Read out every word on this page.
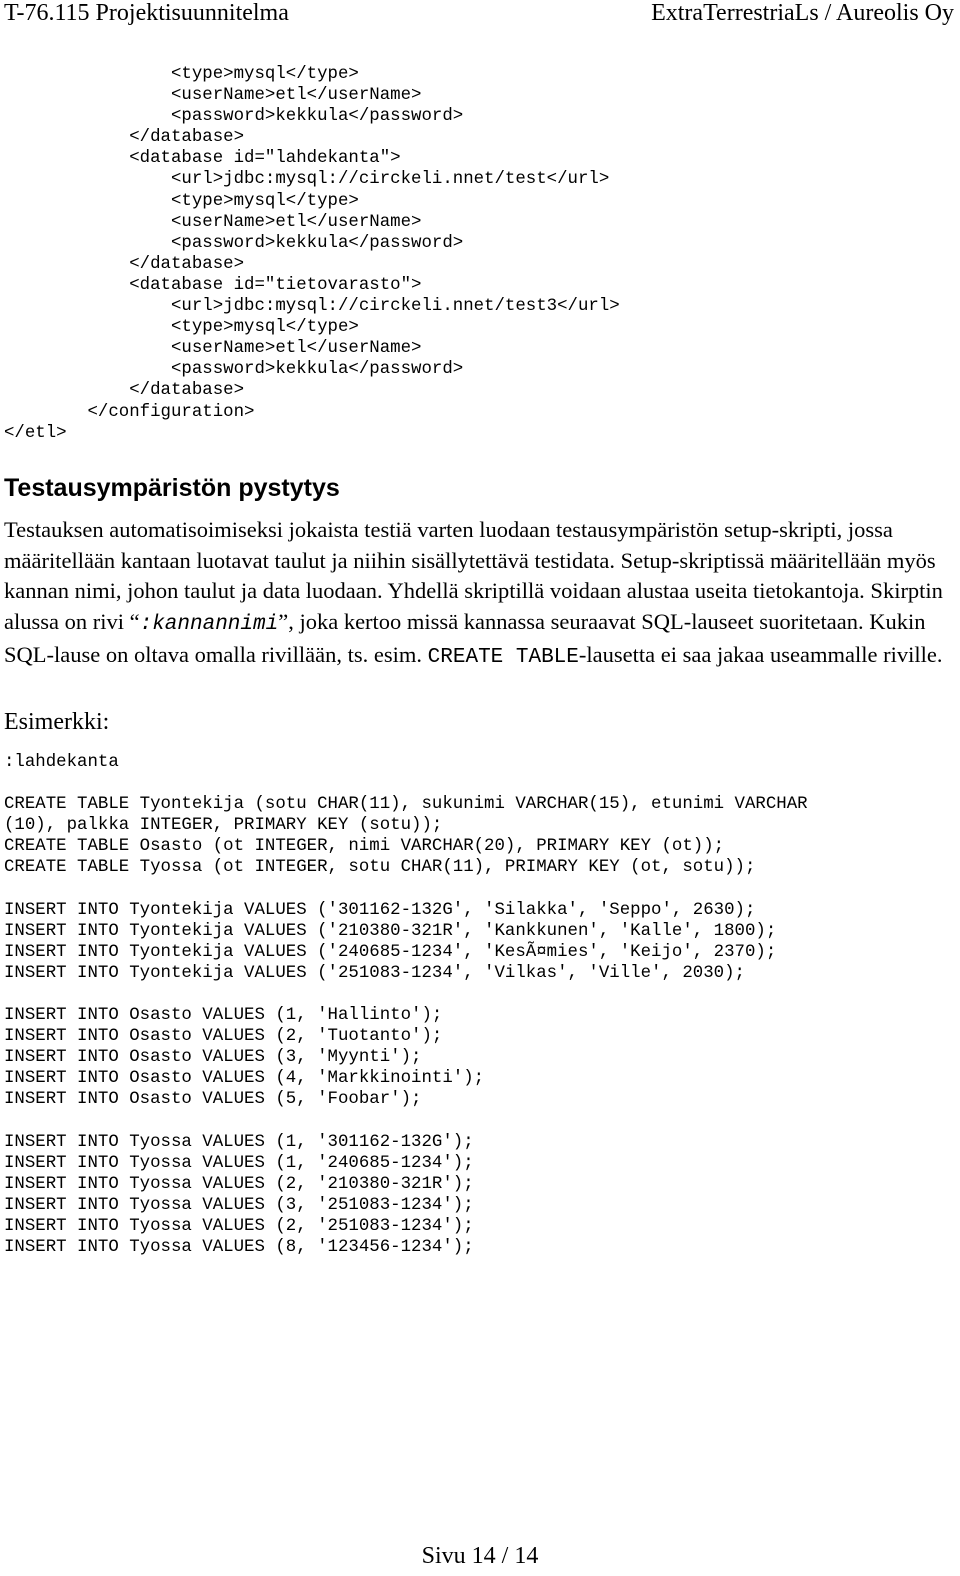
T-76.115 Projektisuunnitelma	ExtraTerrestriaLs / Aureolis Oy
<type>mysql</type>
<userName>etl</userName>
<password>kekkula</password>
</database>
<database id="lahdekanta">
<url>jdbc:mysql://circkeli.nnet/test</url>
<type>mysql</type>
<userName>etl</userName>
<password>kekkula</password>
</database>
<database id="tietovarasto">
<url>jdbc:mysql://circkeli.nnet/test3</url>
<type>mysql</type>
<userName>etl</userName>
<password>kekkula</password>
</database>
</configuration>
</etl>
Testausympäristön pystytys

Testauksen automatisoimiseksi jokaista testiä varten luodaan testausympäristön setup-skripti, jossa määritellään kantaan luotavat taulut ja niihin sisällytettävä testidata. Setup-skriptissä määritellään myös kannan nimi, johon taulut ja data luodaan. Yhdellä skriptillä voidaan alustaa useita tietokantoja. Skirptin alussa on rivi “:kannannimi”, joka kertoo missä kannassa seuraavat SQL-lauseet suoritetaan. Kukin SQL-lause on oltava omalla rivillään, ts. esim. CREATE TABLE-lausetta ei saa jakaa useammalle riville.

Esimerkki:

:lahdekanta
CREATE TABLE Tyontekija (sotu CHAR(11), sukunimi VARCHAR(15), etunimi VARCHAR
(10), palkka INTEGER, PRIMARY KEY (sotu));
CREATE TABLE Osasto (ot INTEGER, nimi VARCHAR(20), PRIMARY KEY (ot));
CREATE TABLE Tyossa (ot INTEGER, sotu CHAR(11), PRIMARY KEY (ot, sotu));
INSERT INTO Tyontekija VALUES ('301162-132G', 'Silakka', 'Seppo', 2630);
INSERT INTO Tyontekija VALUES ('210380-321R', 'Kankkunen', 'Kalle', 1800);
INSERT INTO Tyontekija VALUES ('240685-1234', 'KesÃ¤mies', 'Keijo', 2370);
INSERT INTO Tyontekija VALUES ('251083-1234', 'Vilkas', 'Ville', 2030);
INSERT INTO Osasto VALUES (1, 'Hallinto');
INSERT INTO Osasto VALUES (2, 'Tuotanto');
INSERT INTO Osasto VALUES (3, 'Myynti');
INSERT INTO Osasto VALUES (4, 'Markkinointi');
INSERT INTO Osasto VALUES (5, 'Foobar');
INSERT INTO Tyossa VALUES (1, '301162-132G');
INSERT INTO Tyossa VALUES (1, '240685-1234');
INSERT INTO Tyossa VALUES (2, '210380-321R');
INSERT INTO Tyossa VALUES (3, '251083-1234');
INSERT INTO Tyossa VALUES (2, '251083-1234');
INSERT INTO Tyossa VALUES (8, '123456-1234');
Sivu 14 / 14
